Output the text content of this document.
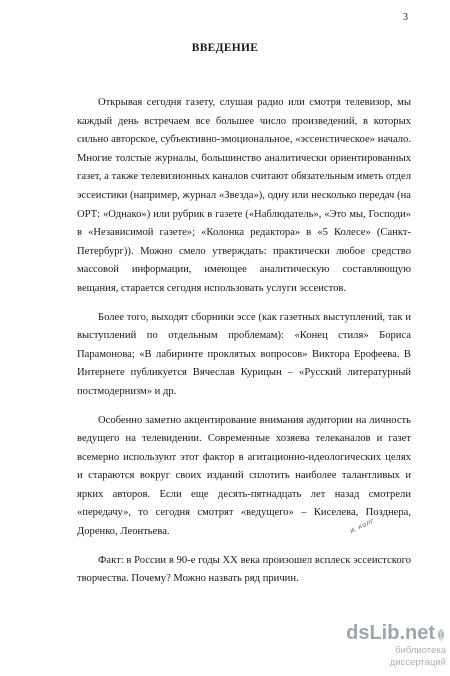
3
ВВЕДЕНИЕ

Открывая сегодня газету, слушая радио или смотря телевизор, мы каждый день встречаем все большее число произведений, в которых сильно авторское, субъективно-эмоциональное, «эссеистическое» начало. Многие толстые журналы, большинство аналитически ориентированных газет, а также телевизионных каналов считают обязательным иметь отдел эссеистики (например, журнал «Звезда»), одну или несколько передач (на ОРТ: «Однако») или рубрик в газете («Наблюдатель», «Это мы, Господи» в «Независимой газете»; «Колонка редактора» в «5 Колесе» (Санкт-Петербург)). Можно смело утверждать: практически любое средство массовой информации, имеющее аналитическую составляющую вещания, старается сегодня использовать услуги эссеистов.

Более того, выходят сборники эссе (как газетных выступлений, так и выступлений по отдельным проблемам): «Конец стиля» Бориса Парамонова; «В лабиринте проклятых вопросов» Виктора Ерофеева. В Интернете публикуется Вячеслав Курицын – «Русский литературный постмодернизм» и др.

Особенно заметно акцентирование внимания аудитории на личность ведущего на телевидении. Современные хозяева телеканалов и газет всемерно используют этот фактор в агитационно-идеологических целях и стараются вокруг своих изданий сплотить наиболее талантливых и ярких авторов. Если еще десять-пятнадцать лет назад смотрели «передачу», то сегодня смотрят «ведущего» – Киселева, Позднера, Доренко, Леонтьева.

Факт: в России в 90-е годы XX века произошел всплеск эссеистского творчества. Почему? Можно назвать ряд причин.

и. колг
dsLib.net
библиотека диссертаций
